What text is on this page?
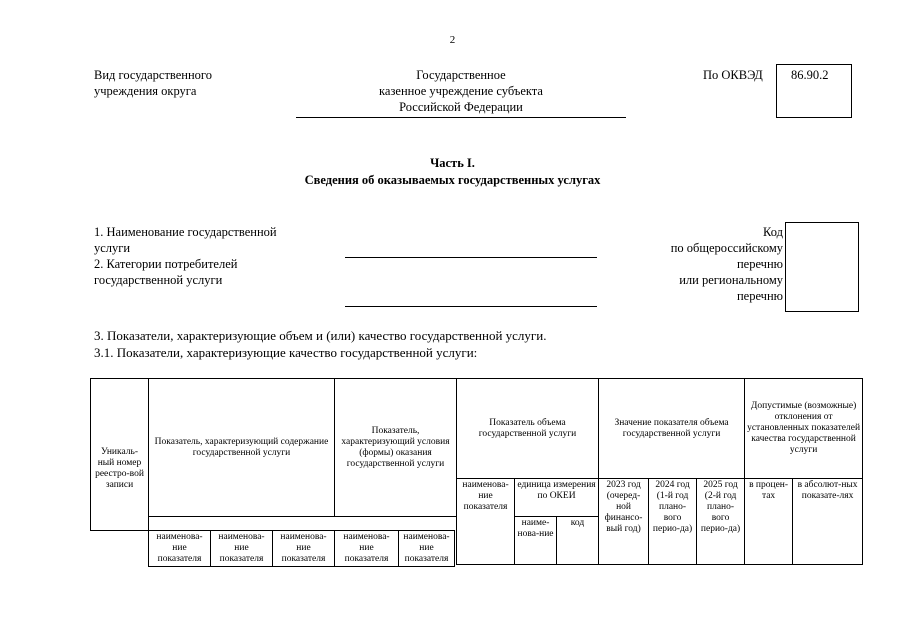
2
Вид государственного
учреждения округа
Государственное
казенное учреждение субъекта
Российской Федерации
По ОКВЭД	86.90.2
Часть I.
Сведения об оказываемых государственных услугах
1. Наименование государственной
услуги
2. Категории потребителей
государственной услуги
Код
по общероссийскому
перечню
или региональному
перечню
3. Показатели, характеризующие объем и (или) качество государственной услуги.
3.1. Показатели, характеризующие качество государственной услуги:
Уникаль-ный номер реестро-вой записи	Показатель, характеризующий содержание государственной услуги			Показатель, характеризующий условия (формы) оказания государственной услуги		Показатель объема государственной услуги			Значение показателя объема государственной услуги			Допустимые (возможные) отклонения от установленных показателей качества государственной услуги	
						наименова-ние показателя	единица измерения по ОКЕИ		2023 год (очеред-ной финансо-вый год)	2024 год (1-й год плано-вого перио-да)	2025 год (2-й год плано-вого перио-да)	в процен-тах	в абсолют-ных показате-лях
							наиме-нова-ние	код					

наименова-ние показателя	наименова-ние показателя	наименова-ние показателя	наименова-ние показателя	наименова-ние показателя
